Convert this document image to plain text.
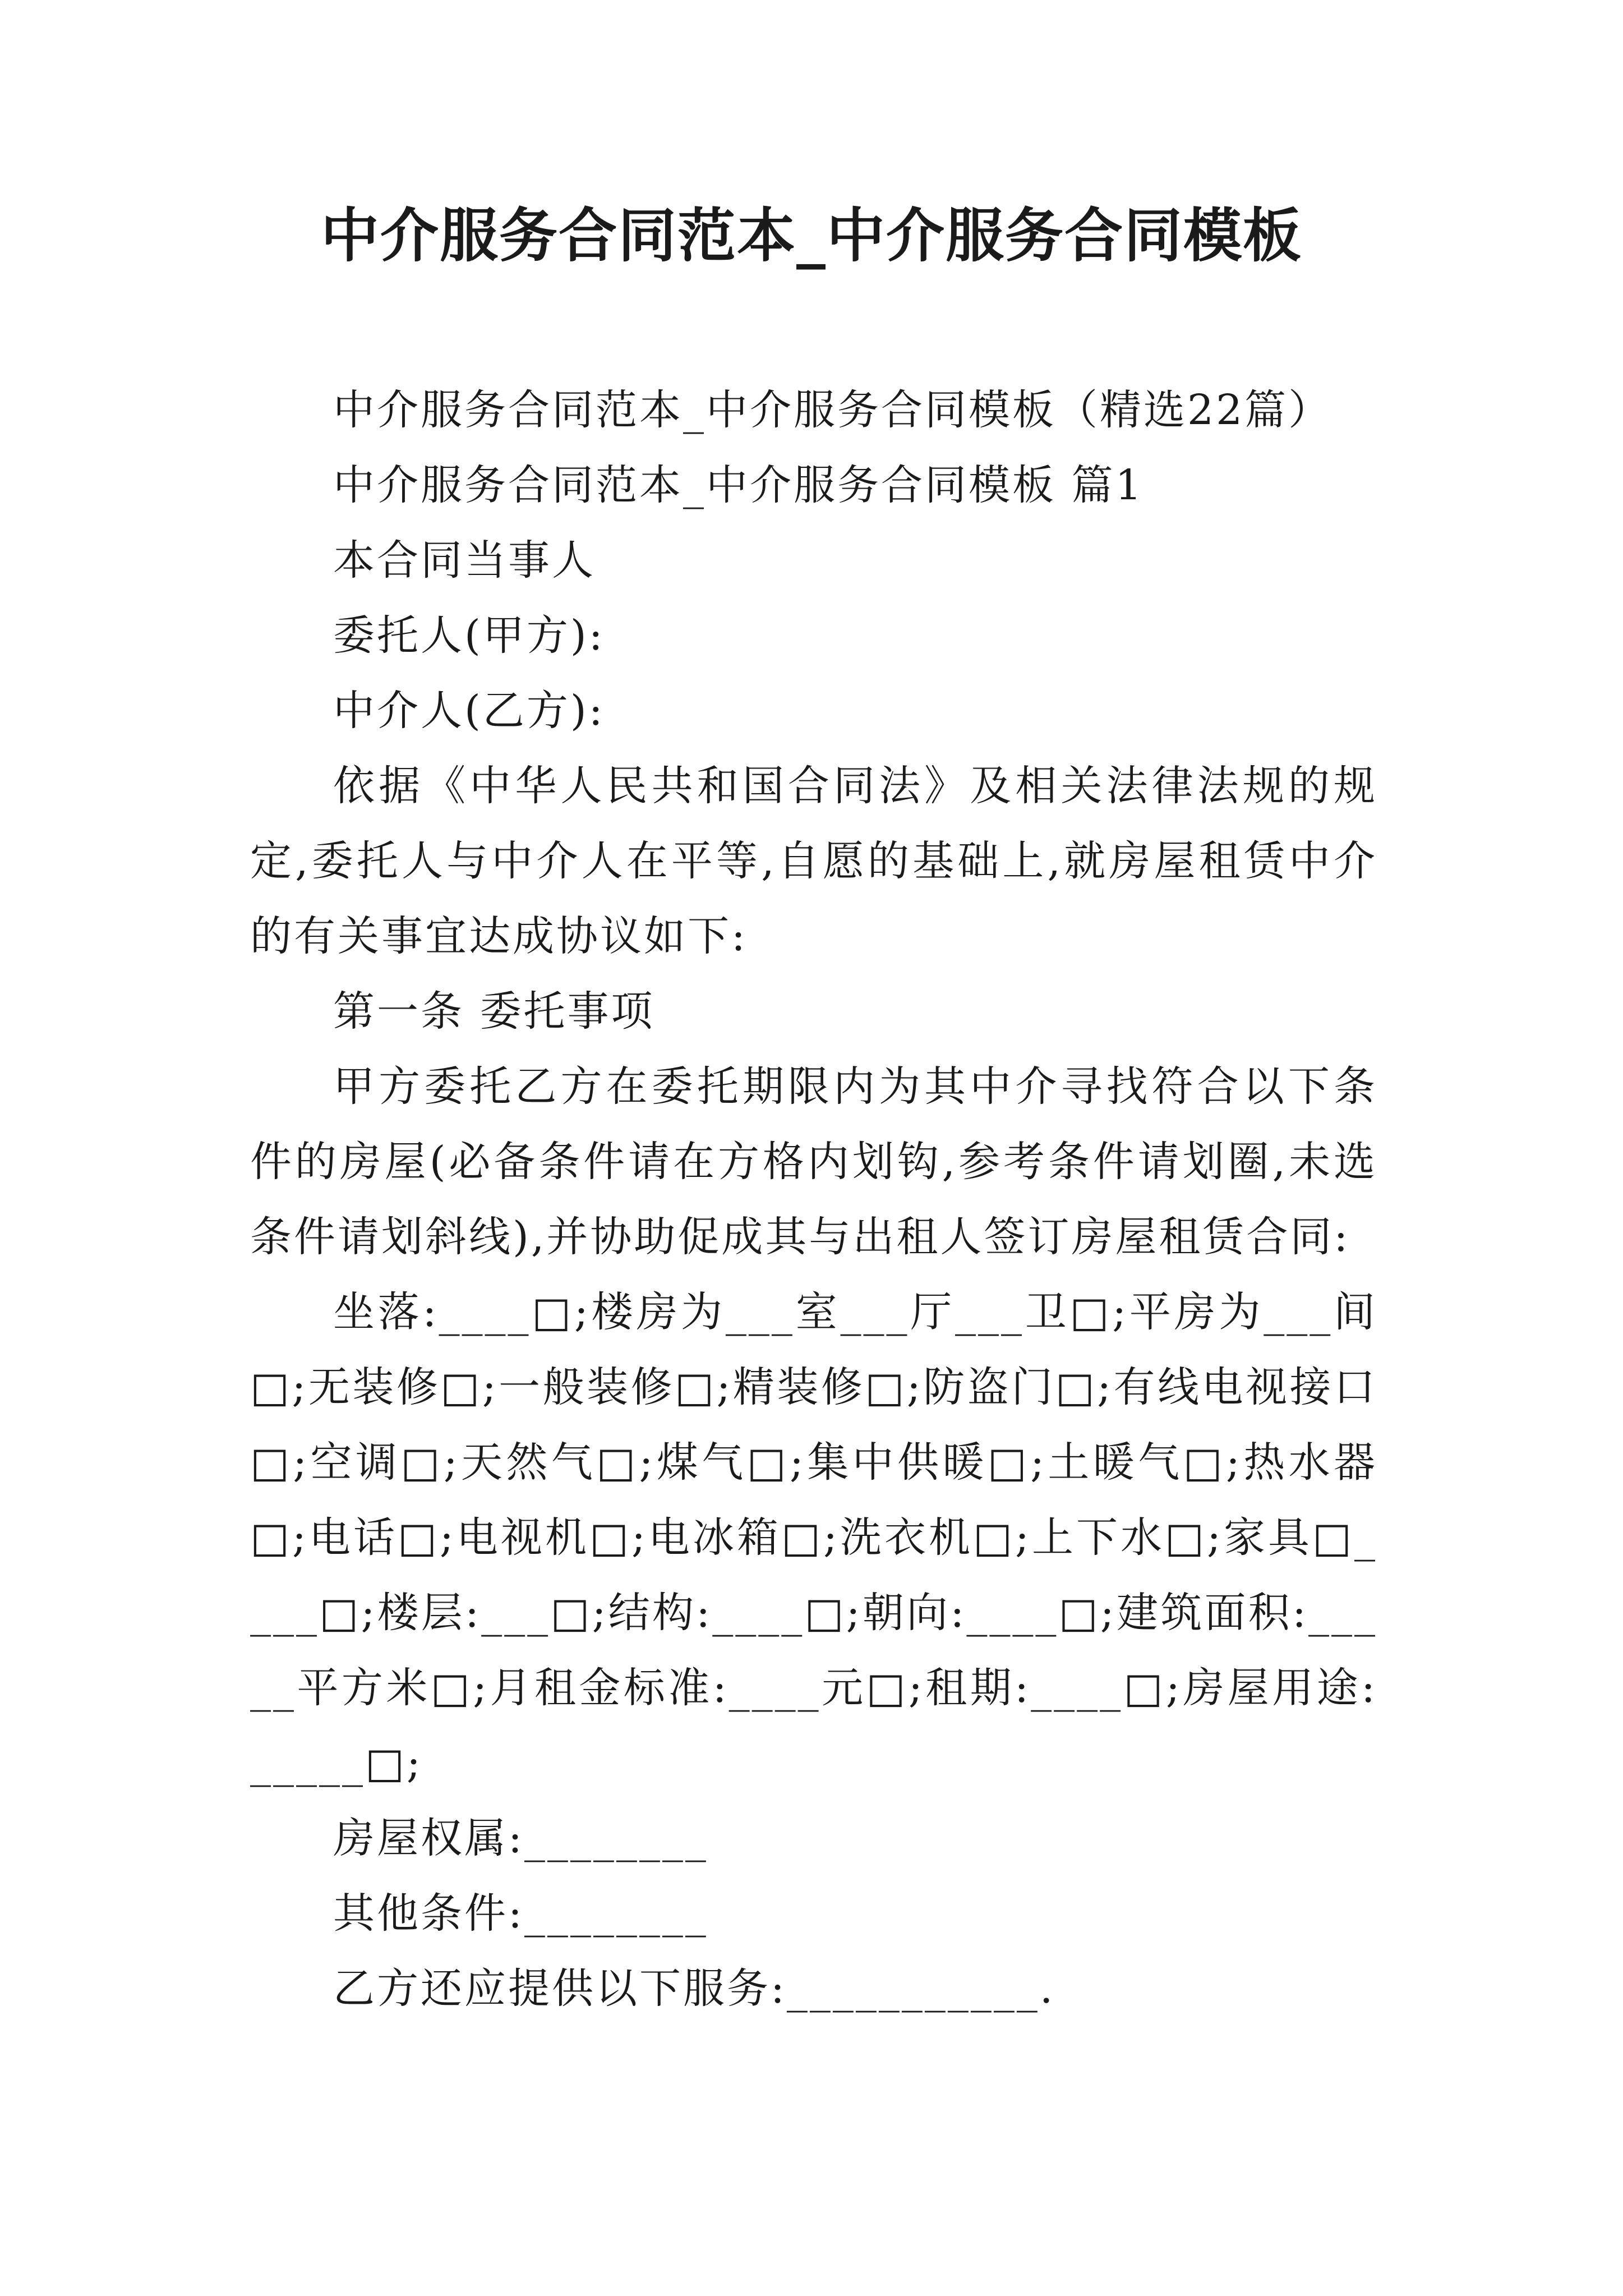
中介服务合同范本_中介服务合同模板

中介服务合同范本_中介服务合同模板（精选22篇）

中介服务合同范本_中介服务合同模板 篇1

本合同当事人

委托人(甲方):

中介人(乙方):

依据《中华人民共和国合同法》及相关法律法规的规定,委托人与中介人在平等,自愿的基础上,就房屋租赁中介的有关事宜达成协议如下:

第一条 委托事项

甲方委托乙方在委托期限内为其中介寻找符合以下条件的房屋(必备条件请在方格内划钩,参考条件请划圈,未选条件请划斜线),并协助促成其与出租人签订房屋租赁合同:

坐落:____□;楼房为___室___厅___卫□;平房为___间□;无装修□;一般装修□;精装修□;防盗门□;有线电视接口□;空调□;天然气□;煤气□;集中供暖□;土暖气□;热水器□;电话□;电视机□;电冰箱□;洗衣机□;上下水□;家具□____□;楼层:___□;结构:____□;朝向:____□;建筑面积:_____平方米□;月租金标准:____元□;租期:____□;房屋用途:_____□;

房屋权属:________

其他条件:________

乙方还应提供以下服务:___________.
